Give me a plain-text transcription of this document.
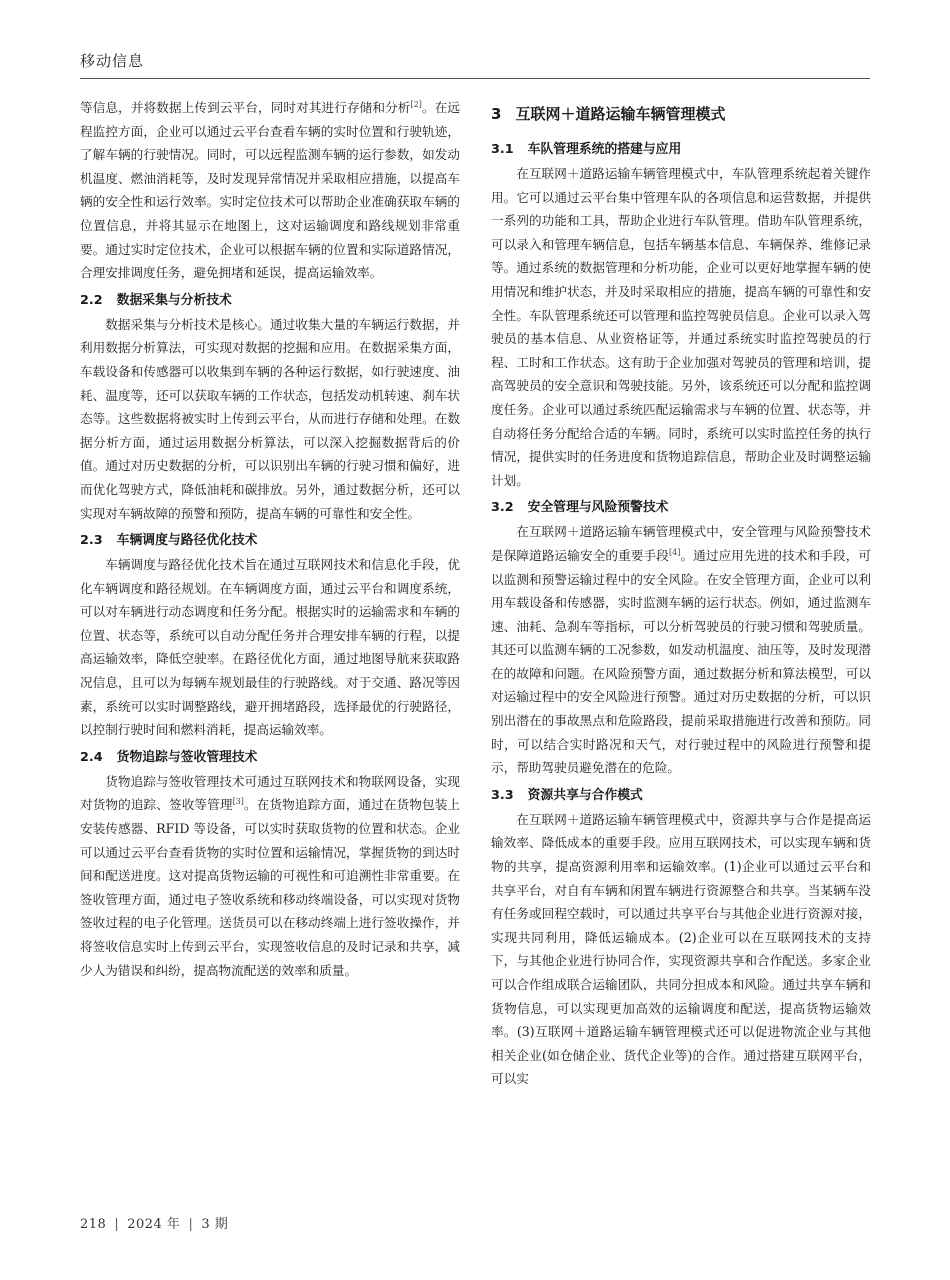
移动信息

等信息，并将数据上传到云平台，同时对其进行存储和分析[2]。在远程监控方面，企业可以通过云平台查看车辆的实时位置和行驶轨迹，了解车辆的行驶情况。同时，可以远程监测车辆的运行参数，如发动机温度、燃油消耗等，及时发现异常情况并采取相应措施，以提高车辆的安全性和运行效率。实时定位技术可以帮助企业准确获取车辆的位置信息，并将其显示在地图上，这对运输调度和路线规划非常重要。通过实时定位技术，企业可以根据车辆的位置和实际道路情况，合理安排调度任务，避免拥堵和延误，提高运输效率。

2.2 数据采集与分析技术

数据采集与分析技术是核心。通过收集大量的车辆运行数据，并利用数据分析算法，可实现对数据的挖掘和应用。在数据采集方面，车载设备和传感器可以收集到车辆的各种运行数据，如行驶速度、油耗、温度等，还可以获取车辆的工作状态，包括发动机转速、刹车状态等。这些数据将被实时上传到云平台，从而进行存储和处理。在数据分析方面，通过运用数据分析算法，可以深入挖掘数据背后的价值。通过对历史数据的分析，可以识别出车辆的行驶习惯和偏好，进而优化驾驶方式，降低油耗和碳排放。另外，通过数据分析，还可以实现对车辆故障的预警和预防，提高车辆的可靠性和安全性。

2.3 车辆调度与路径优化技术

车辆调度与路径优化技术旨在通过互联网技术和信息化手段，优化车辆调度和路径规划。在车辆调度方面，通过云平台和调度系统，可以对车辆进行动态调度和任务分配。根据实时的运输需求和车辆的位置、状态等，系统可以自动分配任务并合理安排车辆的行程，以提高运输效率，降低空驶率。在路径优化方面，通过地图导航来获取路况信息，且可以为每辆车规划最佳的行驶路线。对于交通、路况等因素，系统可以实时调整路线，避开拥堵路段，选择最优的行驶路径，以控制行驶时间和燃料消耗，提高运输效率。

2.4 货物追踪与签收管理技术

货物追踪与签收管理技术可通过互联网技术和物联网设备，实现对货物的追踪、签收等管理[3]。在货物追踪方面，通过在货物包装上安装传感器、RFID 等设备，可以实时获取货物的位置和状态。企业可以通过云平台查看货物的实时位置和运输情况，掌握货物的到达时间和配送进度。这对提高货物运输的可视性和可追溯性非常重要。在签收管理方面，通过电子签收系统和移动终端设备，可以实现对货物签收过程的电子化管理。送货员可以在移动终端上进行签收操作，并将签收信息实时上传到云平台，实现签收信息的及时记录和共享，减少人为错误和纠纷，提高物流配送的效率和质量。

3 互联网＋道路运输车辆管理模式
3.1 车队管理系统的搭建与应用

在互联网＋道路运输车辆管理模式中，车队管理系统起着关键作用。它可以通过云平台集中管理车队的各项信息和运营数据，并提供一系列的功能和工具，帮助企业进行车队管理。借助车队管理系统，可以录入和管理车辆信息，包括车辆基本信息、车辆保养、维修记录等。通过系统的数据管理和分析功能，企业可以更好地掌握车辆的使用情况和维护状态，并及时采取相应的措施，提高车辆的可靠性和安全性。车队管理系统还可以管理和监控驾驶员信息。企业可以录入驾驶员的基本信息、从业资格证等，并通过系统实时监控驾驶员的行程、工时和工作状态。这有助于企业加强对驾驶员的管理和培训，提高驾驶员的安全意识和驾驶技能。另外，该系统还可以分配和监控调度任务。企业可以通过系统匹配运输需求与车辆的位置、状态等，并自动将任务分配给合适的车辆。同时，系统可以实时监控任务的执行情况，提供实时的任务进度和货物追踪信息，帮助企业及时调整运输计划。

3.2 安全管理与风险预警技术

在互联网＋道路运输车辆管理模式中，安全管理与风险预警技术是保障道路运输安全的重要手段[4]。通过应用先进的技术和手段，可以监测和预警运输过程中的安全风险。在安全管理方面，企业可以利用车载设备和传感器，实时监测车辆的运行状态。例如，通过监测车速、油耗、急刹车等指标，可以分析驾驶员的行驶习惯和驾驶质量。其还可以监测车辆的工况参数，如发动机温度、油压等，及时发现潜在的故障和问题。在风险预警方面，通过数据分析和算法模型，可以对运输过程中的安全风险进行预警。通过对历史数据的分析，可以识别出潜在的事故黑点和危险路段，提前采取措施进行改善和预防。同时，可以结合实时路况和天气，对行驶过程中的风险进行预警和提示，帮助驾驶员避免潜在的危险。

3.3 资源共享与合作模式

在互联网＋道路运输车辆管理模式中，资源共享与合作是提高运输效率、降低成本的重要手段。应用互联网技术，可以实现车辆和货物的共享，提高资源利用率和运输效率。(1)企业可以通过云平台和共享平台，对自有车辆和闲置车辆进行资源整合和共享。当某辆车没有任务或回程空载时，可以通过共享平台与其他企业进行资源对接，实现共同利用，降低运输成本。(2)企业可以在互联网技术的支持下，与其他企业进行协同合作，实现资源共享和合作配送。多家企业可以合作组成联合运输团队，共同分担成本和风险。通过共享车辆和货物信息，可以实现更加高效的运输调度和配送，提高货物运输效率。(3)互联网＋道路运输车辆管理模式还可以促进物流企业与其他相关企业(如仓储企业、货代企业等)的合作。通过搭建互联网平台，可以实

218 | 2024 年 | 3 期
